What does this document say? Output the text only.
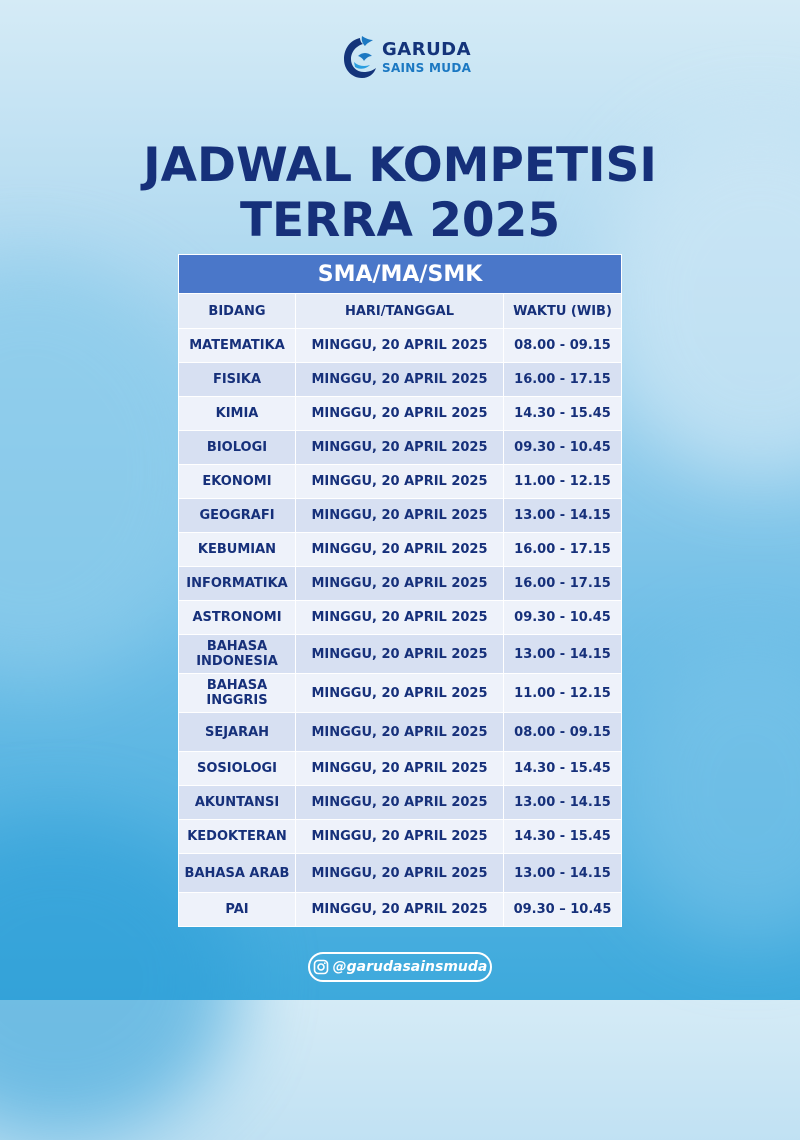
GARUDA
SAINS MUDA
JADWAL KOMPETISI
TERRA 2025
SMA/MA/SMK		
BIDANG	HARI/TANGGAL	WAKTU (WIB)
MATEMATIKA	MINGGU, 20 APRIL 2025	08.00 - 09.15
FISIKA	MINGGU, 20 APRIL 2025	16.00 - 17.15
KIMIA	MINGGU, 20 APRIL 2025	14.30 - 15.45
BIOLOGI	MINGGU, 20 APRIL 2025	09.30 - 10.45
EKONOMI	MINGGU, 20 APRIL 2025	11.00 - 12.15
GEOGRAFI	MINGGU, 20 APRIL 2025	13.00 - 14.15
KEBUMIAN	MINGGU, 20 APRIL 2025	16.00 - 17.15
INFORMATIKA	MINGGU, 20 APRIL 2025	16.00 - 17.15
ASTRONOMI	MINGGU, 20 APRIL 2025	09.30 - 10.45
BAHASA INDONESIA	MINGGU, 20 APRIL 2025	13.00 - 14.15
BAHASA INGGRIS	MINGGU, 20 APRIL 2025	11.00 - 12.15
SEJARAH	MINGGU, 20 APRIL 2025	08.00 - 09.15
SOSIOLOGI	MINGGU, 20 APRIL 2025	14.30 - 15.45
AKUNTANSI	MINGGU, 20 APRIL 2025	13.00 - 14.15
KEDOKTERAN	MINGGU, 20 APRIL 2025	14.30 - 15.45
BAHASA ARAB	MINGGU, 20 APRIL 2025	13.00 - 14.15
PAI	MINGGU, 20 APRIL 2025	09.30 – 10.45
@garudasainsmuda
